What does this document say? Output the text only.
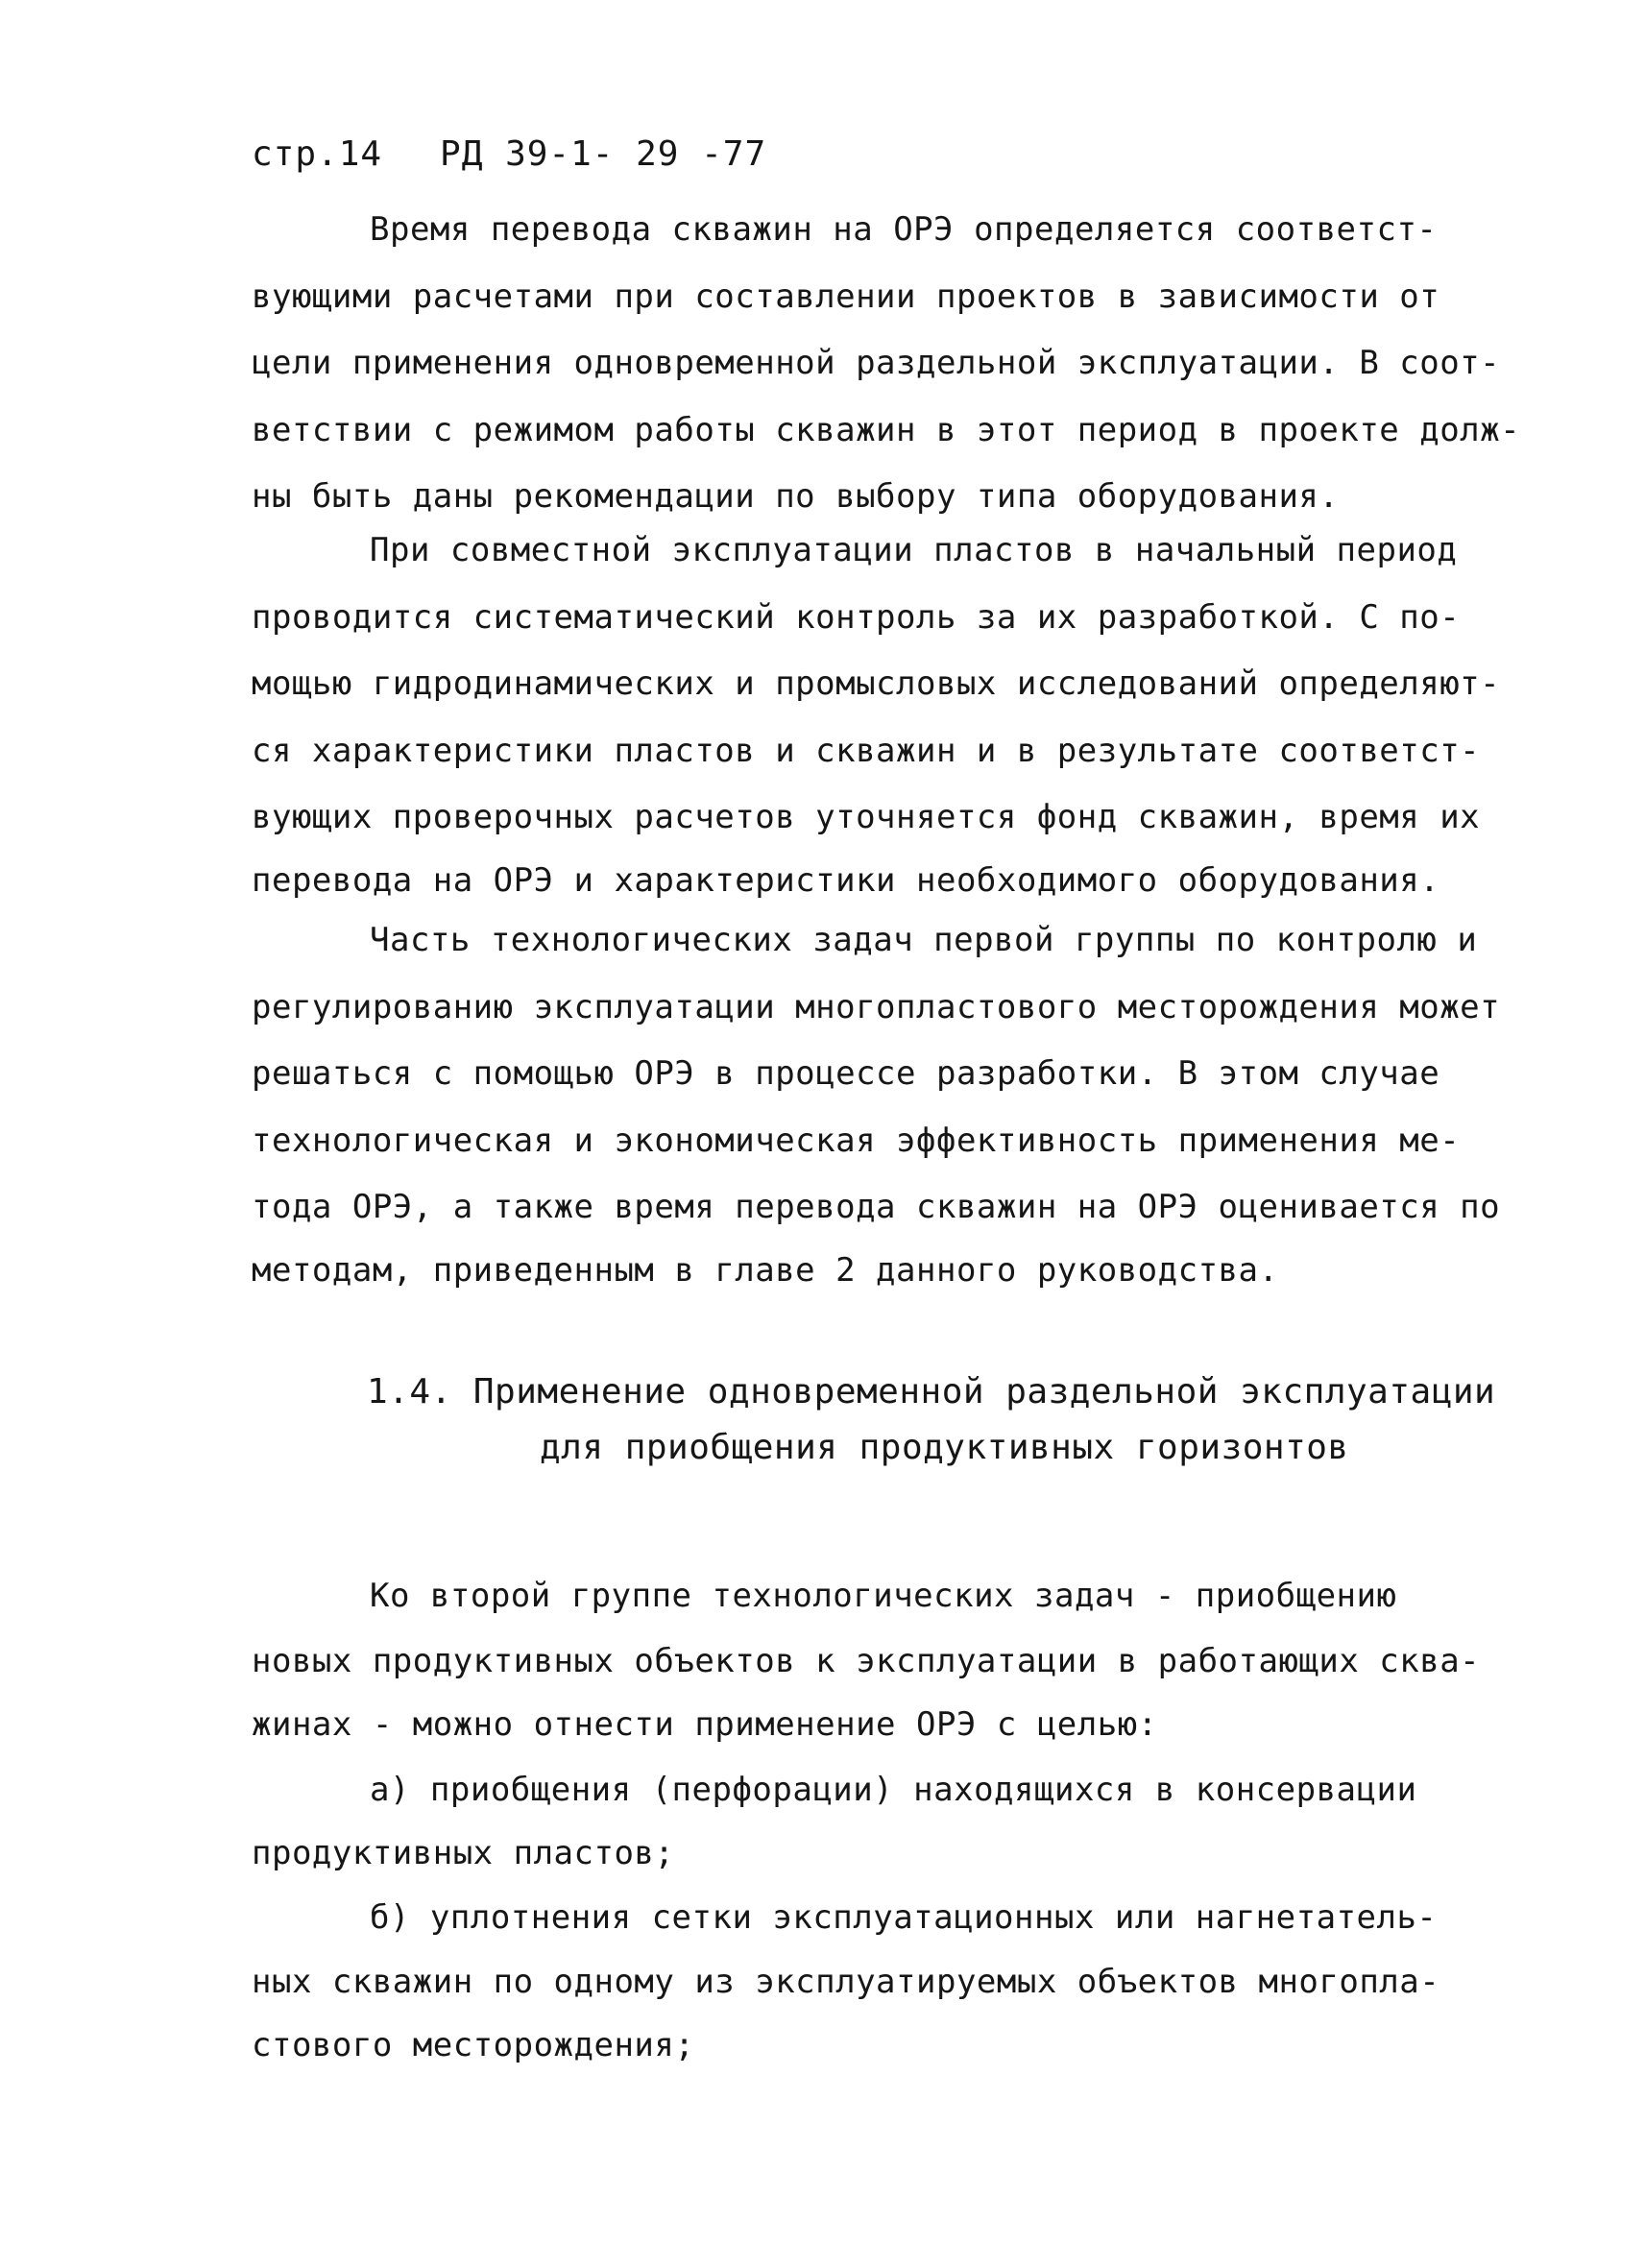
стр.14 РД 39-1- 29 -77
Время перевода скважин на ОРЭ определяется соответст-
вующими расчетами при составлении проектов в зависимости от
цели применения одновременной раздельной эксплуатации. В соот-
ветствии с режимом работы скважин в этот период в проекте долж-
ны быть даны рекомендации по выбору типа оборудования.
При совместной эксплуатации пластов в начальный период
проводится систематический контроль за их разработкой. С по-
мощью гидродинамических и промысловых исследований определяют-
ся характеристики пластов и скважин и в результате соответст-
вующих проверочных расчетов уточняется фонд скважин, время их
перевода на ОРЭ и характеристики необходимого оборудования.
Часть технологических задач первой группы по контролю и
регулированию эксплуатации многопластового месторождения может
решаться с помощью ОРЭ в процессе разработки. В этом случае
технологическая и экономическая эффективность применения ме-
тода ОРЭ, а также время перевода скважин на ОРЭ оценивается по
методам, приведенным в главе 2 данного руководства.
1.4. Применение одновременной раздельной эксплуатации
для приобщения продуктивных горизонтов
Ко второй группе технологических задач - приобщению
новых продуктивных объектов к эксплуатации в работающих сква-
жинах - можно отнести применение ОРЭ с целью:
а) приобщения (перфорации) находящихся в консервации
продуктивных пластов;
б) уплотнения сетки эксплуатационных или нагнетатель-
ных скважин по одному из эксплуатируемых объектов многопла-
стового месторождения;
